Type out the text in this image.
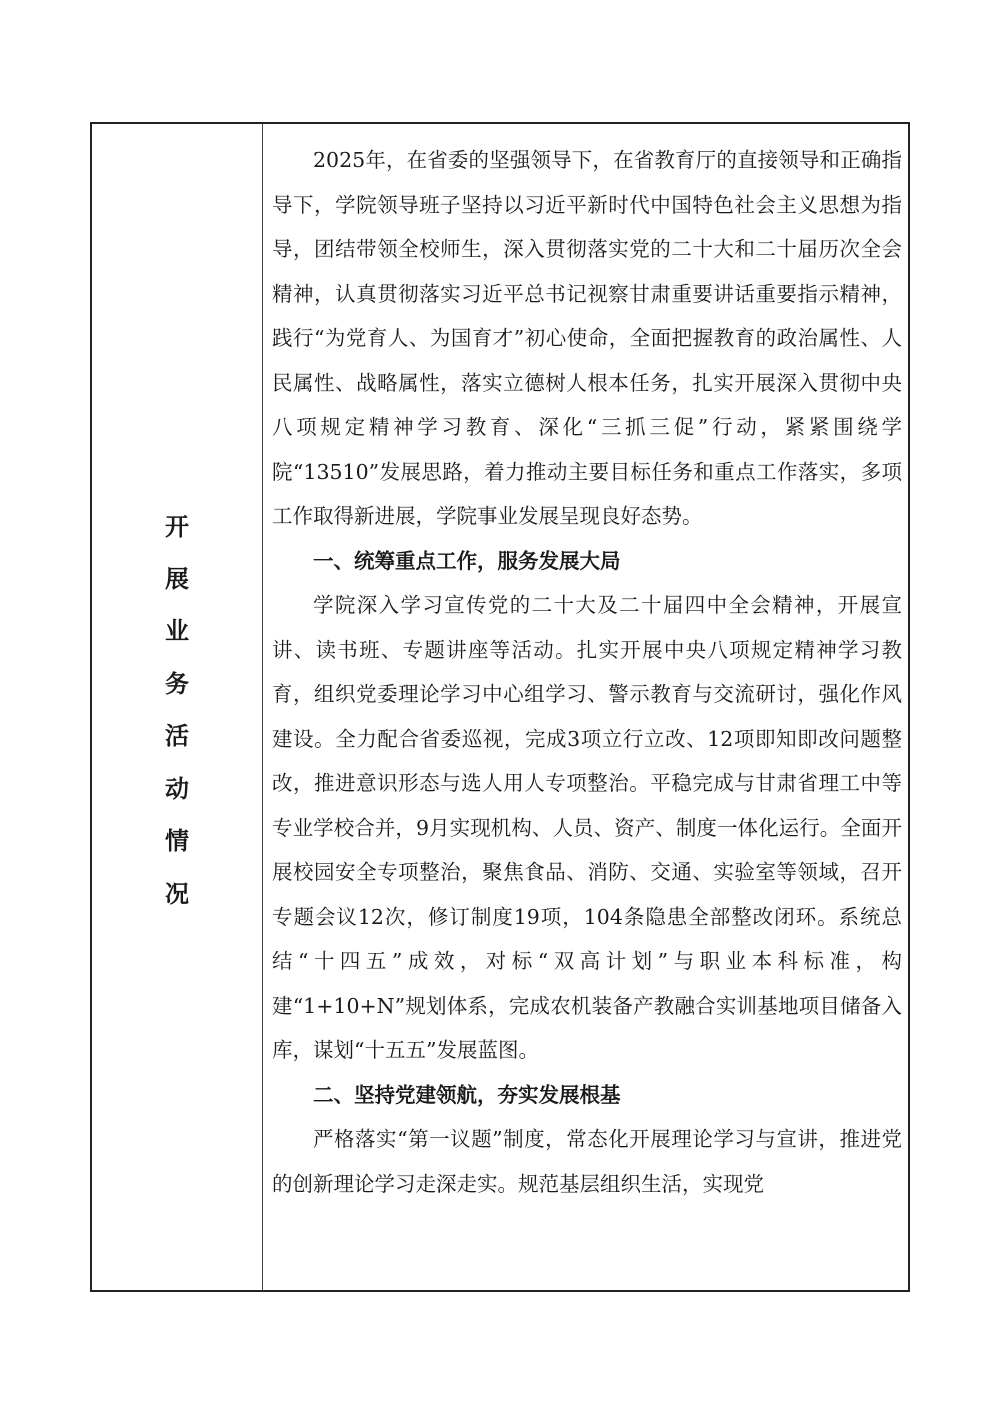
开
展
业
务
活
动
情
况

2025年，在省委的坚强领导下，在省教育厅的直接领导和正确指导下，学院领导班子坚持以习近平新时代中国特色社会主义思想为指导，团结带领全校师生，深入贯彻落实党的二十大和二十届历次全会精神，认真贯彻落实习近平总书记视察甘肃重要讲话重要指示精神，践行“为党育人、为国育才”初心使命，全面把握教育的政治属性、人民属性、战略属性，落实立德树人根本任务，扎实开展深入贯彻中央八项规定精神学习教育、深化“三抓三促”行动，紧紧围绕学院“13510”发展思路，着力推动主要目标任务和重点工作落实，多项工作取得新进展，学院事业发展呈现良好态势。

一、统筹重点工作，服务发展大局

学院深入学习宣传党的二十大及二十届四中全会精神，开展宣讲、读书班、专题讲座等活动。扎实开展中央八项规定精神学习教育，组织党委理论学习中心组学习、警示教育与交流研讨，强化作风建设。全力配合省委巡视，完成3项立行立改、12项即知即改问题整改，推进意识形态与选人用人专项整治。平稳完成与甘肃省理工中等专业学校合并，9月实现机构、人员、资产、制度一体化运行。全面开展校园安全专项整治，聚焦食品、消防、交通、实验室等领域，召开专题会议12次，修订制度19项，104条隐患全部整改闭环。系统总结“十四五”成效，对标“双高计划”与职业本科标准，构建“1+10+N”规划体系，完成农机装备产教融合实训基地项目储备入库，谋划“十五五”发展蓝图。

二、坚持党建领航，夯实发展根基

严格落实“第一议题”制度，常态化开展理论学习与宣讲，推进党的创新理论学习走深走实。规范基层组织生活，实现党
